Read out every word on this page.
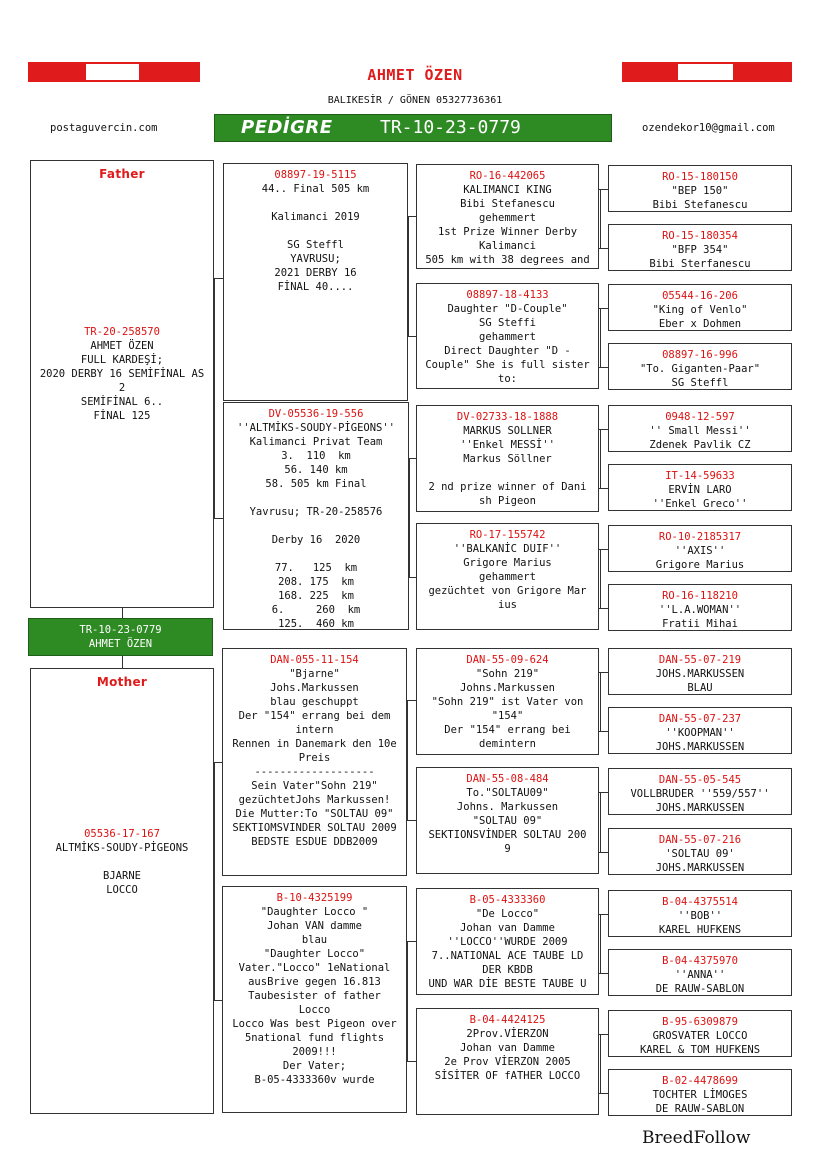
AHMET ÖZEN
BALIKESİR / GÖNEN 05327736361
postaguvercin.com	ozendekor10@gmail.com
PEDİGRE	TR-10-23-0779
Father

TR-20-258570

AHMET ÖZEN

FULL KARDEŞİ;

2020 DERBY 16 SEMİFİNAL AS

2

SEMİFİNAL 6..

FİNAL 125

TR-10-23-0779
AHMET ÖZEN
Mother

05536-17-167

ALTMİKS-SOUDY-PİGEONS

BJARNE

LOCCO

08897-19-5115

44.. Final 505 km

Kalimanci 2019

SG Steffl

YAVRUSU;

2021 DERBY 16

FİNAL 40....

DV-05536-19-556

''ALTMİKS-SOUDY-PİGEONS''

Kalimanci Privat Team

3.  110  km

56. 140 km

58. 505 km Final

Yavrusu; TR-20-258576

Derby 16  2020

77.   125  km

208. 175  km

168. 225  km

6.     260  km

125.  460 km

DAN-055-11-154

"Bjarne"

Johs.Markussen

blau geschuppt

Der "154" errang bei dem

intern

Rennen in Danemark den 10e

Preis

-------------------

Sein Vater"Sohn 219"

gezüchtetJohs Markussen!

Die Mutter:To "SOLTAU 09"

SEKTIOMSVINDER SOLTAU 2009

BEDSTE ESDUE DDB2009

B-10-4325199

"Daughter Locco "

Johan VAN damme

blau

"Daughter Locco"

Vater."Locco" 1eNational

ausBrive gegen 16.813

Taubesister of father

Locco

Locco Was best Pigeon over

5national fund flights

2009!!!

Der Vater;

B-05-4333360v wurde

RO-16-442065

KALIMANCI KING

Bibi Stefanescu

gehemmert

1st Prize Winner Derby

Kalimanci

505 km with 38 degrees and

08897-18-4133

Daughter "D-Couple"

SG Steffi

gehammert

Direct Daughter "D -

Couple" She is full sister

to:

DV-02733-18-1888

MARKUS SOLLNER

''Enkel MESSİ''

Markus Söllner

2 nd prize winner of Dani

sh Pigeon

RO-17-155742

''BALKANİC DUIF''

Grigore Marius

gehammert

gezüchtet von Grigore Mar

ius

DAN-55-09-624

"Sohn 219"

Johns.Markussen

"Sohn 219" ist Vater von

"154"

Der "154" errang bei

demintern

DAN-55-08-484

To."SOLTAU09"

Johns. Markussen

"SOLTAU 09"

SEKTIONSVİNDER SOLTAU 200

9

B-05-4333360

"De Locco"

Johan van Damme

''LOCCO''WURDE 2009

7..NATIONAL ACE TAUBE LD

DER KBDB

UND WAR DİE BESTE TAUBE U

B-04-4424125

2Prov.VİERZON

Johan van Damme

2e Prov VİERZON 2005

SİSİTER OF fATHER LOCCO

RO-15-180150

"BEP 150"

Bibi Stefanescu

RO-15-180354

"BFP 354"

Bibi Sterfanescu

05544-16-206

"King of Venlo"

Eber x Dohmen

08897-16-996

"To. Giganten-Paar"

SG Steffl

0948-12-597

'' Small Messi''

Zdenek Pavlik CZ

IT-14-59633

ERVİN LARO

''Enkel Greco''

RO-10-2185317

''AXIS''

Grigore Marius

RO-16-118210

''L.A.WOMAN''

Fratii Mihai

DAN-55-07-219

JOHS.MARKUSSEN

BLAU

DAN-55-07-237

''KOOPMAN''

JOHS.MARKUSSEN

DAN-55-05-545

VOLLBRUDER ''559/557''

JOHS.MARKUSSEN

DAN-55-07-216

'SOLTAU 09'

JOHS.MARKUSSEN

B-04-4375514

''BOB''

KAREL HUFKENS

B-04-4375970

''ANNA''

DE RAUW-SABLON

B-95-6309879

GROSVATER LOCCO

KAREL & TOM HUFKENS

B-02-4478699

TOCHTER LİMOGES

DE RAUW-SABLON

BreedFollow
